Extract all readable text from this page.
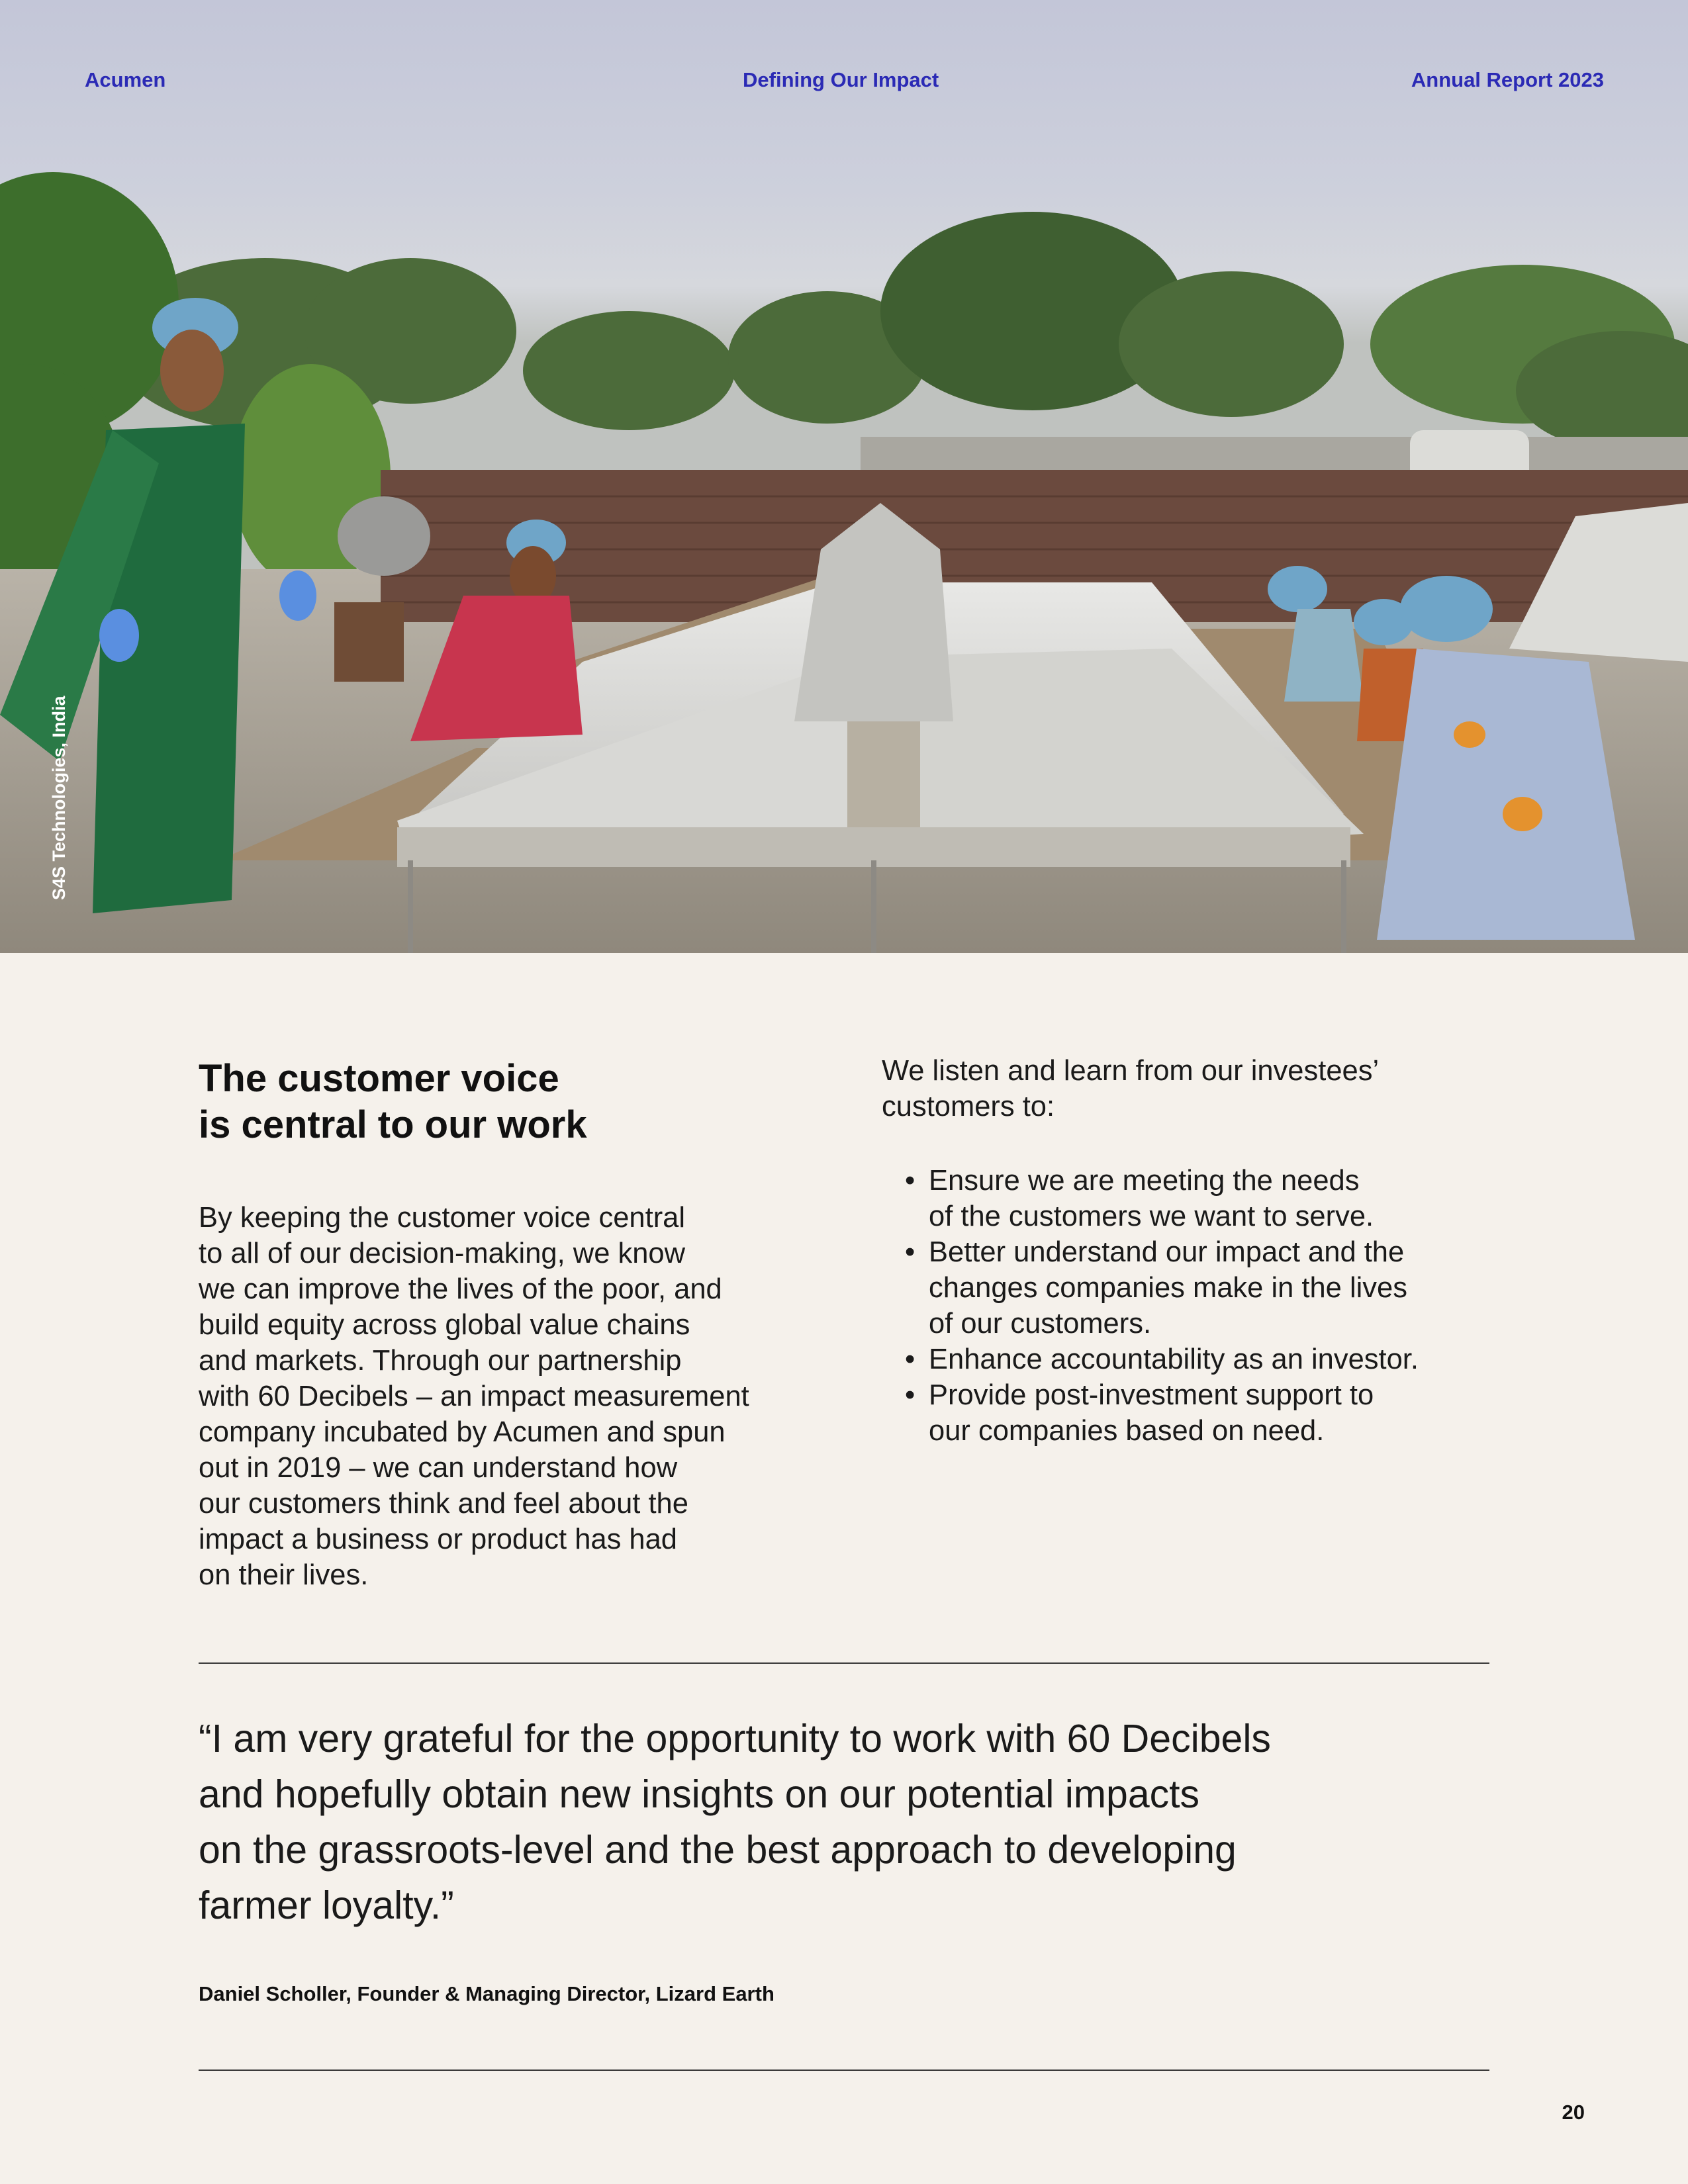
Acumen	Defining Our Impact	Annual Report 2023
S4S Technologies, India
The customer voice
is central to our work
By keeping the customer voice central
to all of our decision-making, we know
we can improve the lives of the poor, and
build equity across global value chains
and markets. Through our partnership
with 60 Decibels – an impact measurement
company incubated by Acumen and spun
out in 2019 – we can understand how
our customers think and feel about the
impact a business or product has had
on their lives.
We listen and learn from our investees’
customers to:
• Ensure we are meeting the needs
of the customers we want to serve.
• Better understand our impact and the
changes companies make in the lives
of our customers.
• Enhance accountability as an investor.
• Provide post-investment support to
our companies based on need.
“I am very grateful for the opportunity to work with 60 Decibels
and hopefully obtain new insights on our potential impacts
on the grassroots-level and the best approach to developing
farmer loyalty.”
Daniel Scholler, Founder & Managing Director, Lizard Earth
20
